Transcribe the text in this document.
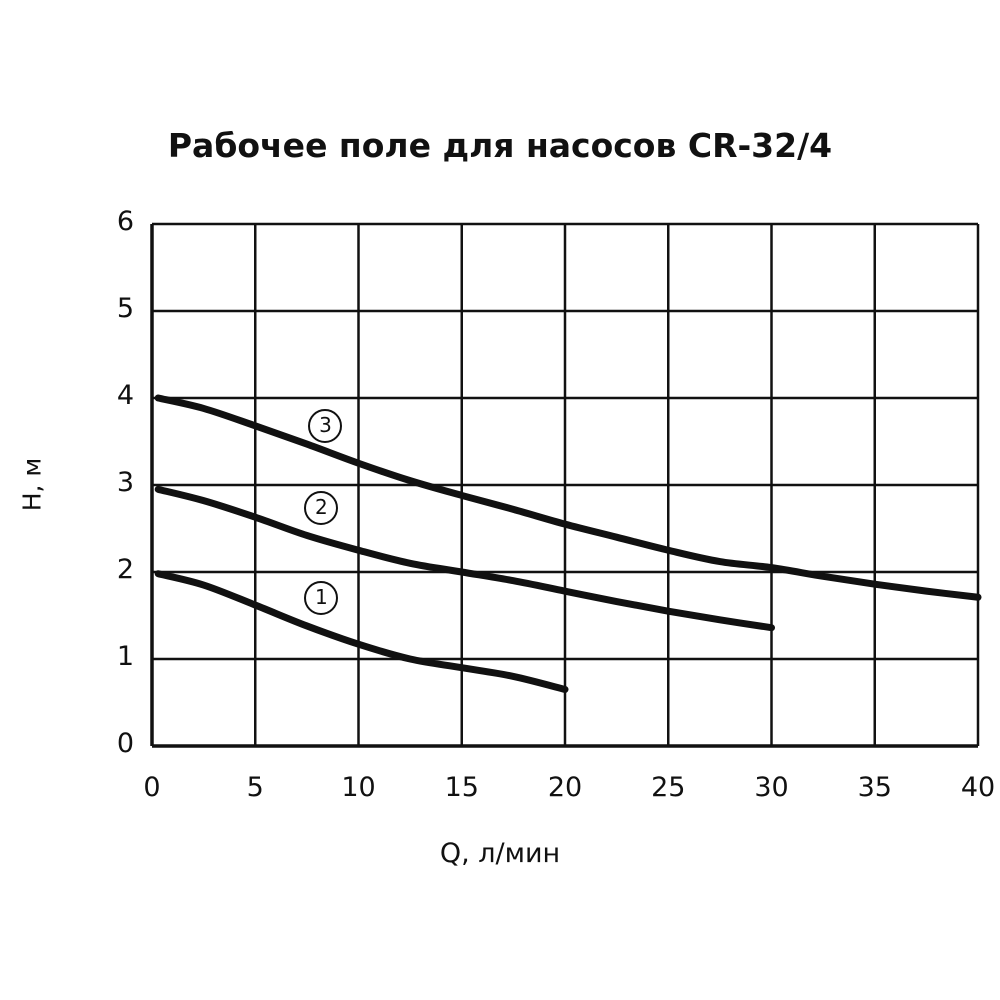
Рабочее поле для насосов CR-32/4
H, м
Q, л/мин
0
1
2
3
4
5
6
0	5	10	15	20	25	30	35	40
1
2
3
